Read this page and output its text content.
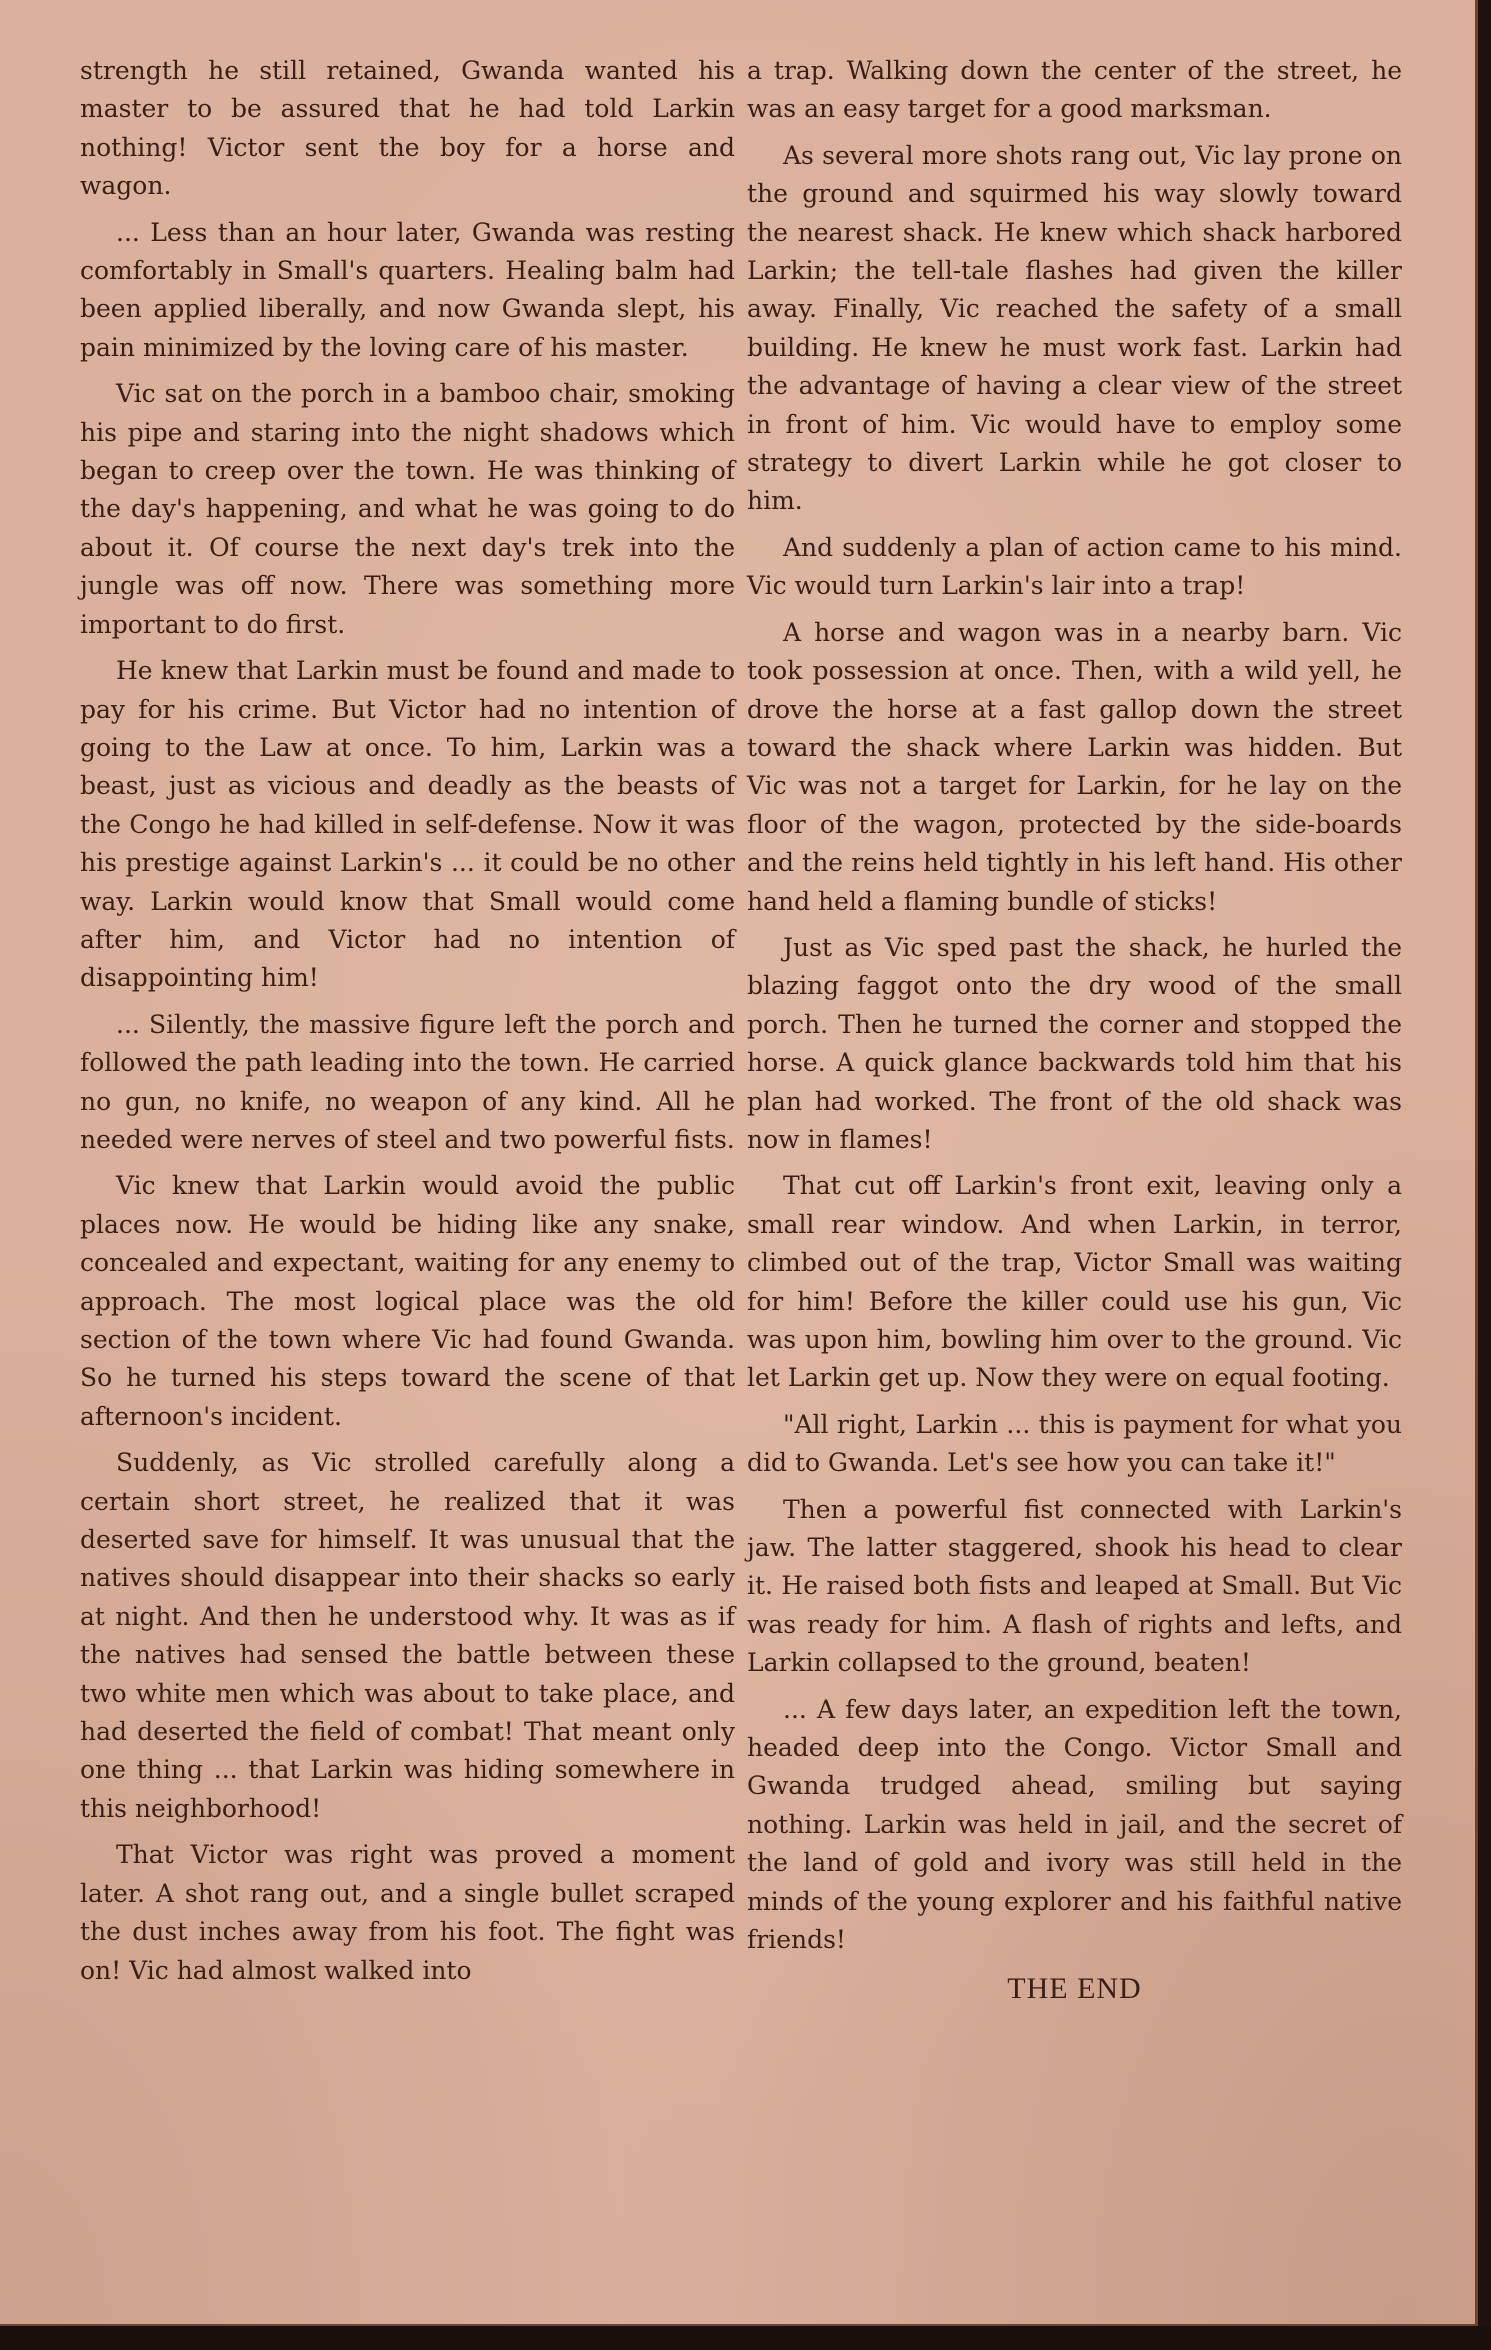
strength he still retained, Gwanda wanted his master to be assured that he had told Larkin nothing! Victor sent the boy for a horse and wagon.

... Less than an hour later, Gwanda was resting comfortably in Small's quarters. Healing balm had been applied liberally, and now Gwanda slept, his pain minimized by the loving care of his master.

Vic sat on the porch in a bamboo chair, smoking his pipe and staring into the night shadows which began to creep over the town. He was thinking of the day's happening, and what he was going to do about it. Of course the next day's trek into the jungle was off now. There was something more important to do first.

He knew that Larkin must be found and made to pay for his crime. But Victor had no intention of going to the Law at once. To him, Larkin was a beast, just as vicious and deadly as the beasts of the Congo he had killed in self-defense. Now it was his prestige against Larkin's ... it could be no other way. Larkin would know that Small would come after him, and Victor had no intention of disappointing him!

... Silently, the massive figure left the porch and followed the path leading into the town. He carried no gun, no knife, no weapon of any kind. All he needed were nerves of steel and two powerful fists.

Vic knew that Larkin would avoid the public places now. He would be hiding like any snake, concealed and expectant, waiting for any enemy to approach. The most logical place was the old section of the town where Vic had found Gwanda. So he turned his steps toward the scene of that afternoon's incident.

Suddenly, as Vic strolled carefully along a certain short street, he realized that it was deserted save for himself. It was unusual that the natives should disappear into their shacks so early at night. And then he understood why. It was as if the natives had sensed the battle between these two white men which was about to take place, and had deserted the field of combat! That meant only one thing ... that Larkin was hiding somewhere in this neighborhood!

That Victor was right was proved a moment later. A shot rang out, and a single bullet scraped the dust inches away from his foot. The fight was on! Vic had almost walked into

a trap. Walking down the center of the street, he was an easy target for a good marksman.

As several more shots rang out, Vic lay prone on the ground and squirmed his way slowly toward the nearest shack. He knew which shack harbored Larkin; the tell-tale flashes had given the killer away. Finally, Vic reached the safety of a small building. He knew he must work fast. Larkin had the advantage of having a clear view of the street in front of him. Vic would have to employ some strategy to divert Larkin while he got closer to him.

And suddenly a plan of action came to his mind. Vic would turn Larkin's lair into a trap!

A horse and wagon was in a nearby barn. Vic took possession at once. Then, with a wild yell, he drove the horse at a fast gallop down the street toward the shack where Larkin was hidden. But Vic was not a target for Larkin, for he lay on the floor of the wagon, protected by the side-boards and the reins held tightly in his left hand. His other hand held a flaming bundle of sticks!

Just as Vic sped past the shack, he hurled the blazing faggot onto the dry wood of the small porch. Then he turned the corner and stopped the horse. A quick glance backwards told him that his plan had worked. The front of the old shack was now in flames!

That cut off Larkin's front exit, leaving only a small rear window. And when Larkin, in terror, climbed out of the trap, Victor Small was waiting for him! Before the killer could use his gun, Vic was upon him, bowling him over to the ground. Vic let Larkin get up. Now they were on equal footing.

"All right, Larkin ... this is payment for what you did to Gwanda. Let's see how you can take it!"

Then a powerful fist connected with Larkin's jaw. The latter staggered, shook his head to clear it. He raised both fists and leaped at Small. But Vic was ready for him. A flash of rights and lefts, and Larkin collapsed to the ground, beaten!

... A few days later, an expedition left the town, headed deep into the Congo. Victor Small and Gwanda trudged ahead, smiling but saying nothing. Larkin was held in jail, and the secret of the land of gold and ivory was still held in the minds of the young explorer and his faithful native friends!

THE END
